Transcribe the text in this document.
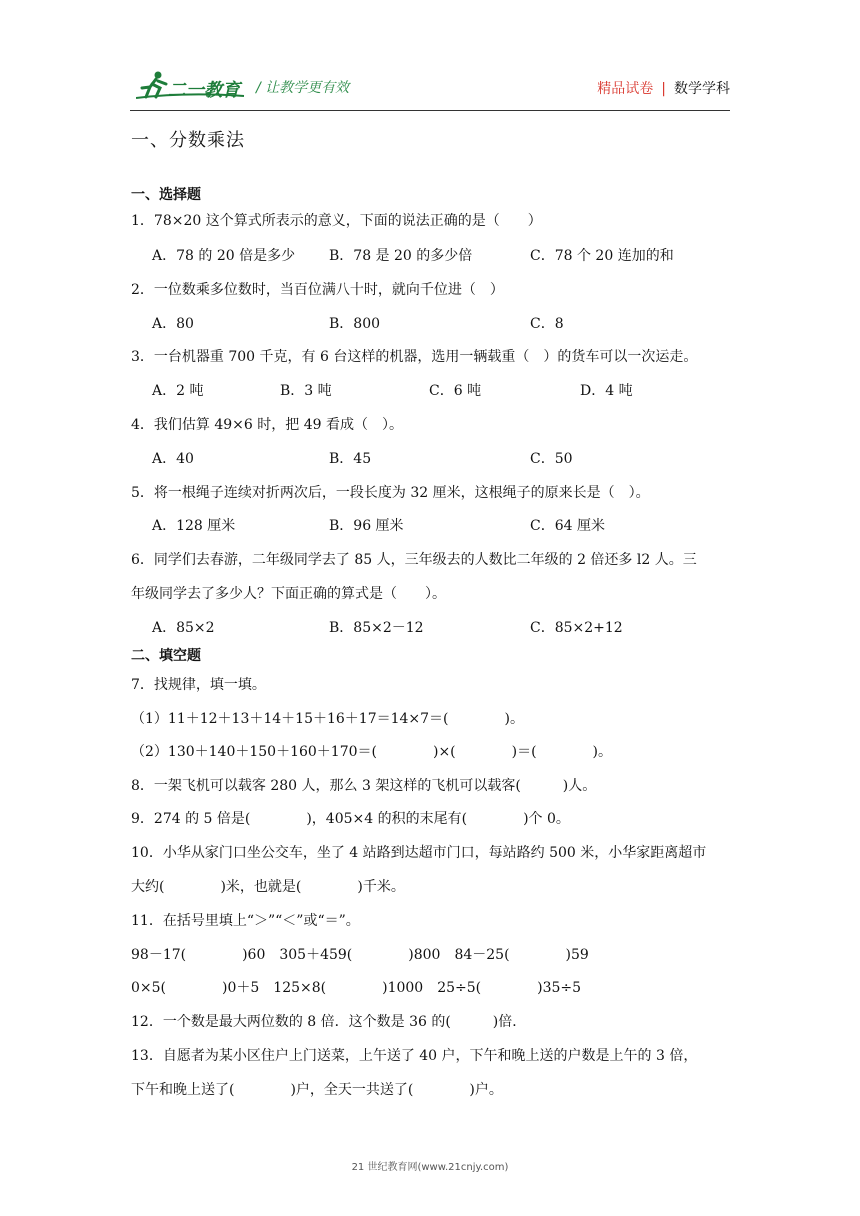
二一教育 / 让教学更有效	精品试卷 | 数学学科
一、分数乘法
一、选择题
1．78×20 这个算式所表示的意义，下面的说法正确的是（　　）
A．78 的 20 倍是多少 B．78 是 20 的多少倍	C．78 个 20 连加的和
2．一位数乘多位数时，当百位满八十时，就向千位进（　）
A．80	B．800	C．8
3．一台机器重 700 千克，有 6 台这样的机器，选用一辆载重（　）的货车可以一次运走。
A．2 吨	B．3 吨	C．6 吨	D．4 吨
4．我们估算 49×6 时，把 49 看成（　）。
A．40	B．45	C．50
5．将一根绳子连续对折两次后，一段长度为 32 厘米，这根绳子的原来长是（　）。
A．128 厘米	B．96 厘米	C．64 厘米
6．同学们去春游，二年级同学去了 85 人，三年级去的人数比二年级的 2 倍还多 l2 人。三
年级同学去了多少人？下面正确的算式是（　　）。
A．85×2	B．85×2－12	C．85×2+12
二、填空题
7．找规律，填一填。
（1）11＋12＋13＋14＋15＋16＋17＝14×7＝(　　　　)。
（2）130＋140＋150＋160＋170＝(　　　　)×(　　　　)＝(　　　　)。
8．一架飞机可以载客 280 人，那么 3 架这样的飞机可以载客(　　　)人。
9．274 的 5 倍是(　　　　)，405×4 的积的末尾有(　　　　)个 0。
10．小华从家门口坐公交车，坐了 4 站路到达超市门口，每站路约 500 米，小华家距离超市
大约(　　　　)米，也就是(　　　　)千米。
11．在括号里填上“＞”“＜”或“＝”。
98－17(　　　　)60　305＋459(　　　　)800　84－25(　　　　)59
0×5(　　　　)0＋5　125×8(　　　　)1000　25÷5(　　　　)35÷5
12．一个数是最大两位数的 8 倍．这个数是 36 的(　　　)倍．
13．自愿者为某小区住户上门送菜，上午送了 40 户，下午和晚上送的户数是上午的 3 倍，
下午和晚上送了(　　　　)户，全天一共送了(　　　　)户。
21 世纪教育网(www.21cnjy.com)
